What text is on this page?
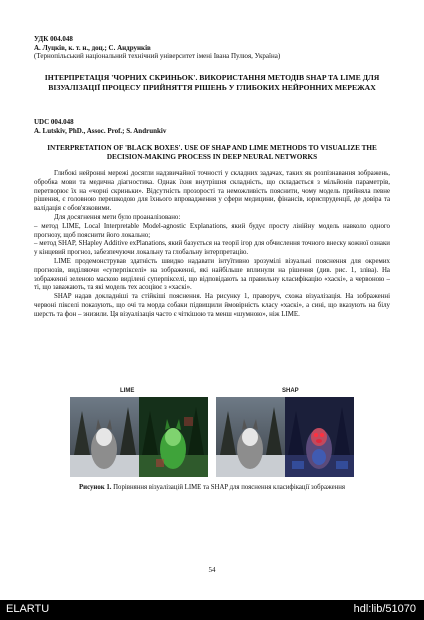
УДК 004.048
А. Луцків, к. т. н., доц.; С. Андрунків
(Тернопільський національний технічний університет імені Івана Пулюя, Україна)
ІНТЕРПРЕТАЦІЯ 'ЧОРНИХ СКРИНЬОК'. ВИКОРИСТАННЯ МЕТОДІВ SHAP ТА LIME ДЛЯ ВІЗУАЛІЗАЦІЇ ПРОЦЕСУ ПРИЙНЯТТЯ РІШЕНЬ У ГЛИБОКИХ НЕЙРОННИХ МЕРЕЖАХ
UDC 004.048
A. Lutskiv, PhD., Assoc. Prof.; S. Andrunkiv
INTERPRETATION OF 'BLACK BOXES'. USE OF SHAP AND LIME METHODS TO VISUALIZE THE DECISION-MAKING PROCESS IN DEEP NEURAL NETWORKS

Глибокі нейронні мережі досягли надзвичайної точності у складних задачах, таких як розпізнавання зображень, обробка мови та медична діагностика. Однак їхня внутрішня складність, що складається з мільйонів параметрів, перетворює їх на «чорні скриньки». Відсутність прозорості та неможливість пояснити, чому модель прийняла певне рішення, є головною перешкодою для їхнього впровадження у сфери медицини, фінансів, юриспруденції, де довіра та валідація є обов'язковими.

Для досягнення мети було проаналізовано:

– метод LIME, Local Interpretable Model-agnostic Explanations, який будує просту лінійну модель навколо одного прогнозу, щоб пояснити його локально;

– метод SHAP, SHapley Additive exPlanations, який базується на теорії ігор для обчислення точного внеску кожної ознаки у кінцевий прогноз, забезпечуючи локальну та глобальну інтерпретацію.

LIME продемонстрував здатність швидко надавати інтуїтивно зрозумілі візуальні пояснення для окремих прогнозів, виділяючи «суперпікселі» на зображенні, які найбільше вплинули на рішення (див. рис. 1, зліва). На зображенні зеленою маскою виділені суперпікселі, що відповідають за правильну класифікацію «хаскі», а червоною – ті, що заважають, та які модель тех асоціює з «хаскі».

SHAP надав докладніші та стійкіші пояснення. На рисунку 1, праворуч, схожа візуалізація. На зображенні червоні пікселі показують, що очі та морда собаки підвищили ймовірність класу «хаскі», а сині, що вказують на білу шерсть та фон – знизили. Ця візуалізація часто є чіткішою та менш «шумною», ніж LIME.

LIME	SHAP
Рисунок 1. Порівняння візуалізацій LIME та SHAP для пояснення класифікації зображення
54
ELARTU	hdl:lib/51070
